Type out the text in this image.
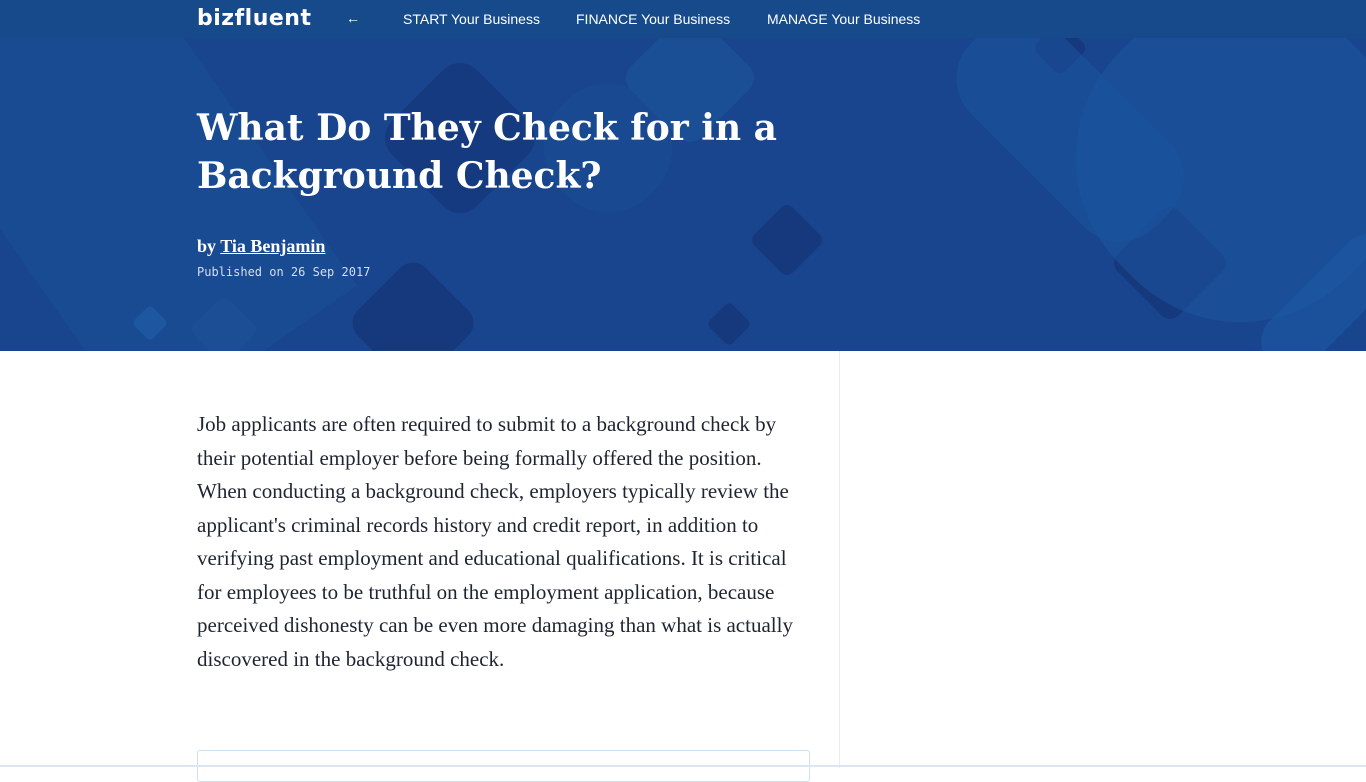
bizfluent ←	START Your Business	FINANCE Your Business	MANAGE Your Business
What Do They Check for in a Background Check?
by Tia Benjamin
Published on 26 Sep 2017

Job applicants are often required to submit to a background check by their potential employer before being formally offered the position. When conducting a background check, employers typically review the applicant's criminal records history and credit report, in addition to verifying past employment and educational qualifications. It is critical for employees to be truthful on the employment application, because perceived dishonesty can be even more damaging than what is actually discovered in the background check.
